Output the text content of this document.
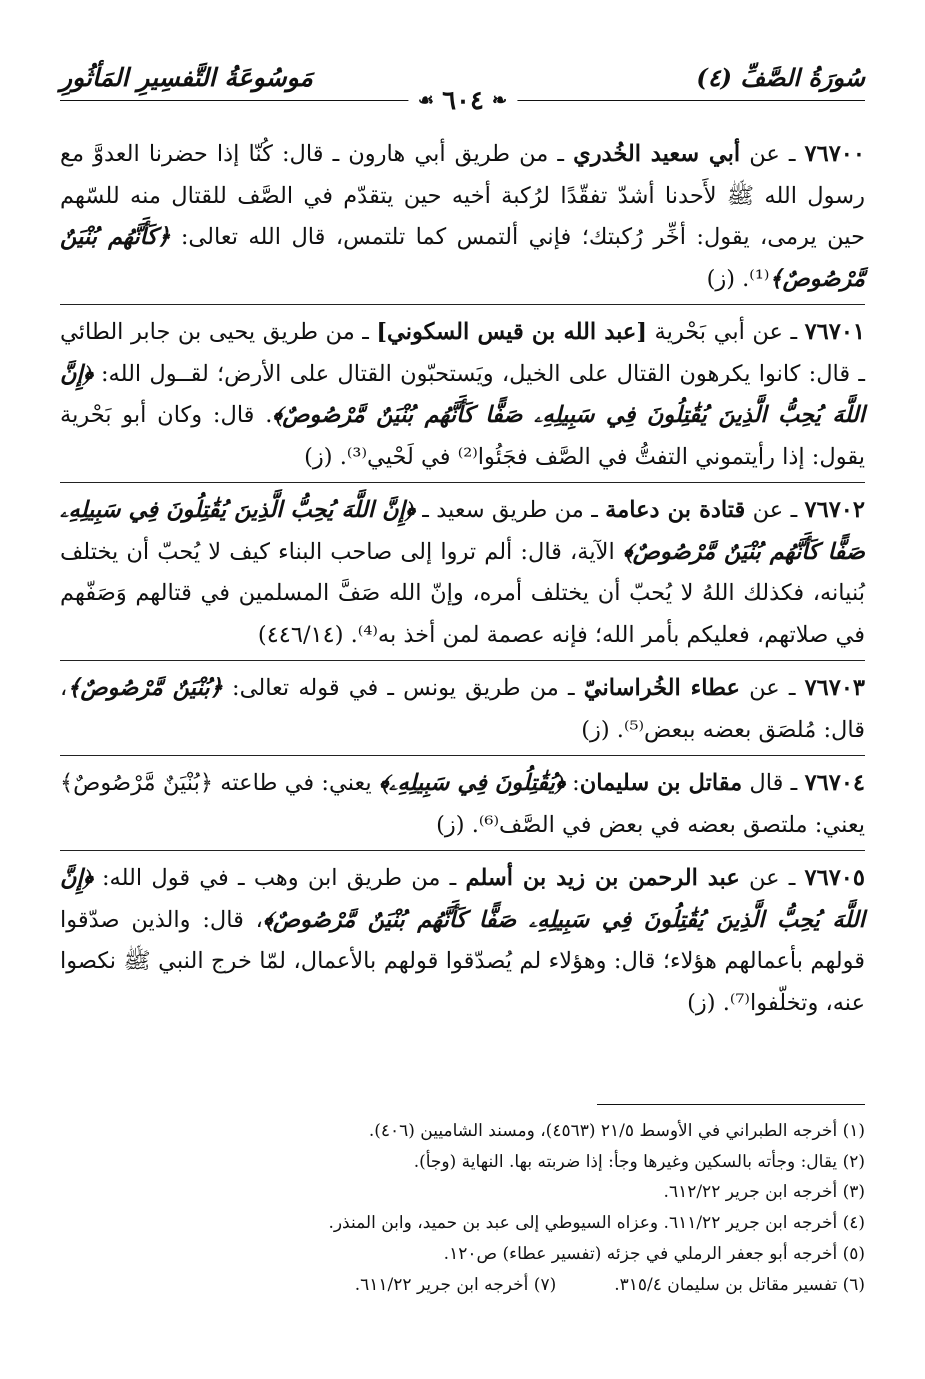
سُورَةُ الصَّفِّ (٤)
مَوسُوعَةُ التَّفسِيرِ المَأثُورِ
❧
٦٠٤
☙

٧٦٧٠٠ ـ عن أبي سعيد الخُدري ـ من طريق أبي هارون ـ قال: كُنّا إذا حضرنا العدوَّ مع رسول الله ﷺ لأَحدنا أشدّ تفقّدًا لرُكبة أخيه حين يتقدّم في الصَّف للقتال منه للسّهم حين يرمى، يقول: أخِّر رُكبتك؛ فإني ألتمس كما تلتمس، قال الله تعالى: ﴿كَأَنَّهُم بُنْيَنٌ مَّرْصُوصٌ﴾⁽¹⁾. (ز)

٧٦٧٠١ ـ عن أبي بَحْرية [عبد الله بن قيس السكوني] ـ من طريق يحيى بن جابر الطائي ـ قال: كانوا يكرهون القتال على الخيل، ويَستحبّون القتال على الأرض؛ لقــول الله: ﴿إِنَّ اللَّهَ يُحِبُّ الَّذِينَ يُقَٰتِلُونَ فِي سَبِيلِهِۦ صَفًّا كَأَنَّهُم بُنْيَنٌ مَّرْصُوصٌ﴾. قال: وكان أبو بَحْرية يقول: إذا رأيتموني التفتُّ في الصَّف فجَئُوا⁽²⁾ في لَحْيي⁽³⁾. (ز)

٧٦٧٠٢ ـ عن قتادة بن دعامة ـ من طريق سعيد ـ ﴿إِنَّ اللَّهَ يُحِبُّ الَّذِينَ يُقَٰتِلُونَ فِي سَبِيلِهِۦ صَفًّا كَأَنَّهُم بُنْيَنٌ مَّرْصُوصٌ﴾ الآية، قال: ألم تروا إلى صاحب البناء كيف لا يُحبّ أن يختلف بُنيانه، فكذلك اللهُ لا يُحبّ أن يختلف أمره، وإنّ الله صَفَّ المسلمين في قتالهم وَصَفّهم في صلاتهم، فعليكم بأمر الله؛ فإنه عصمة لمن أخذ به⁽⁴⁾. (٤٤٦/١٤)

٧٦٧٠٣ ـ عن عطاء الخُراسانيّ ـ من طريق يونس ـ في قوله تعالى: ﴿بُنْيَنٌ مَّرْصُوصٌ﴾، قال: مُلصَق بعضه ببعض⁽⁵⁾. (ز)

٧٦٧٠٤ ـ قال مقاتل بن سليمان: ﴿يُقَٰتِلُونَ فِي سَبِيلِهِۦ﴾ يعني: في طاعته ﴿بُنْيَنٌ مَّرْصُوصٌ﴾ يعني: ملتصق بعضه في بعض في الصَّف⁽⁶⁾. (ز)

٧٦٧٠٥ ـ عن عبد الرحمن بن زيد بن أسلم ـ من طريق ابن وهب ـ في قول الله: ﴿إِنَّ اللَّهَ يُحِبُّ الَّذِينَ يُقَٰتِلُونَ فِي سَبِيلِهِۦ صَفًّا كَأَنَّهُم بُنْيَنٌ مَّرْصُوصٌ﴾، قال: والذين صدّقوا قولهم بأعمالهم هؤلاء؛ قال: وهؤلاء لم يُصدّقوا قولهم بالأعمال، لمّا خرج النبي ﷺ نكصوا عنه، وتخلّفوا⁽⁷⁾. (ز)

(١) أخرجه الطبراني في الأوسط ٢١/٥ (٤٥٦٣)، ومسند الشاميين (٤٠٦).
(٢) يقال: وجأته بالسكين وغيرها وجأ: إذا ضربته بها. النهاية (وجأ).
(٣) أخرجه ابن جرير ٦١٢/٢٢.
(٤) أخرجه ابن جرير ٦١١/٢٢. وعزاه السيوطي إلى عبد بن حميد، وابن المنذر.
(٥) أخرجه أبو جعفر الرملي في جزئه (تفسير عطاء) ص١٢٠.
(٦) تفسير مقاتل بن سليمان ٣١٥/٤.
(٧) أخرجه ابن جرير ٦١١/٢٢.
